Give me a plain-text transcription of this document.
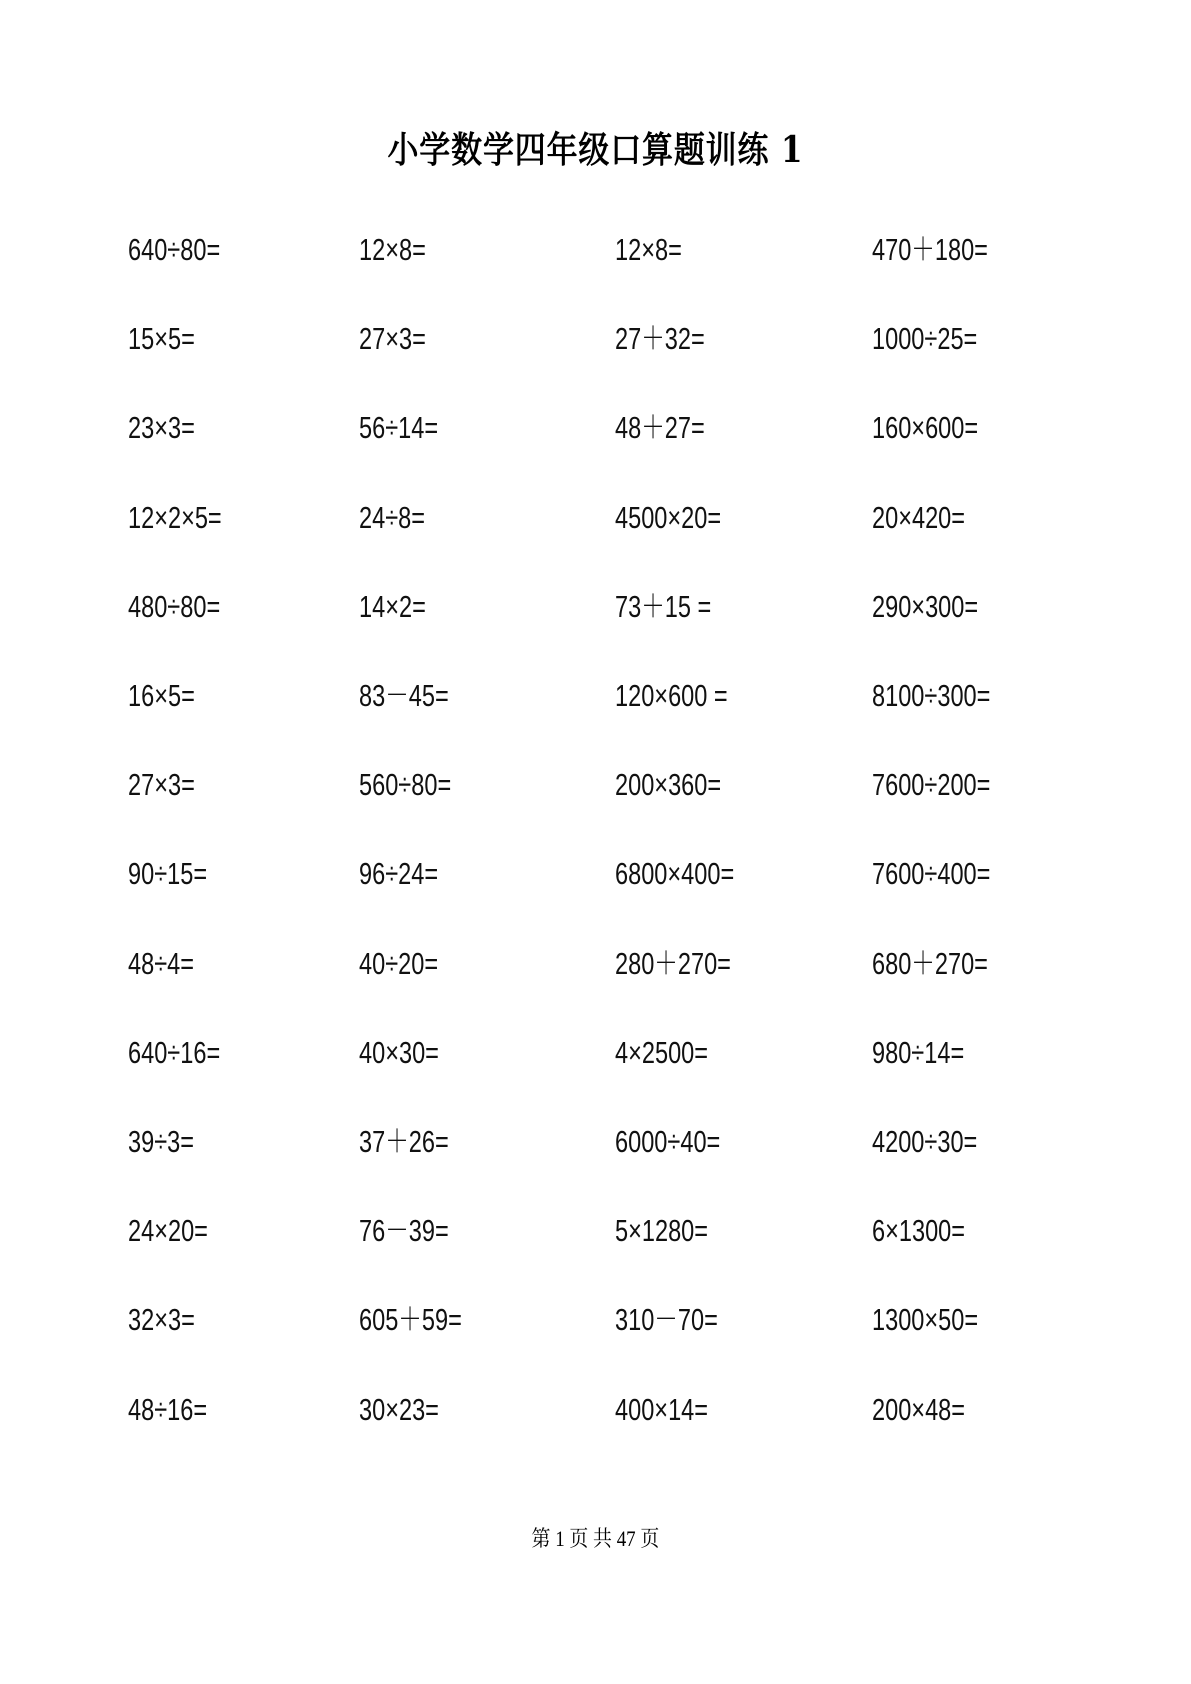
小学数学四年级口算题训练 1
640÷80=	12×8=	12×8=	470＋180=
15×5=	27×3=	27＋32=	1000÷25=
23×3=	56÷14=	48＋27=	160×600=
12×2×5=	24÷8=	4500×20=	20×420=
480÷80=	14×2=	73＋15 =	290×300=
16×5=	83－45=	120×600 =	8100÷300=
27×3=	560÷80=	200×360=	7600÷200=
90÷15=	96÷24=	6800×400=	7600÷400=
48÷4=	40÷20=	280＋270=	680＋270=
640÷16=	40×30=	4×2500=	980÷14=
39÷3=	37＋26=	6000÷40=	4200÷30=
24×20=	76－39=	5×1280=	6×1300=
32×3=	605＋59=	310－70=	1300×50=
48÷16=	30×23=	400×14=	200×48=
第 1 页 共 47 页
